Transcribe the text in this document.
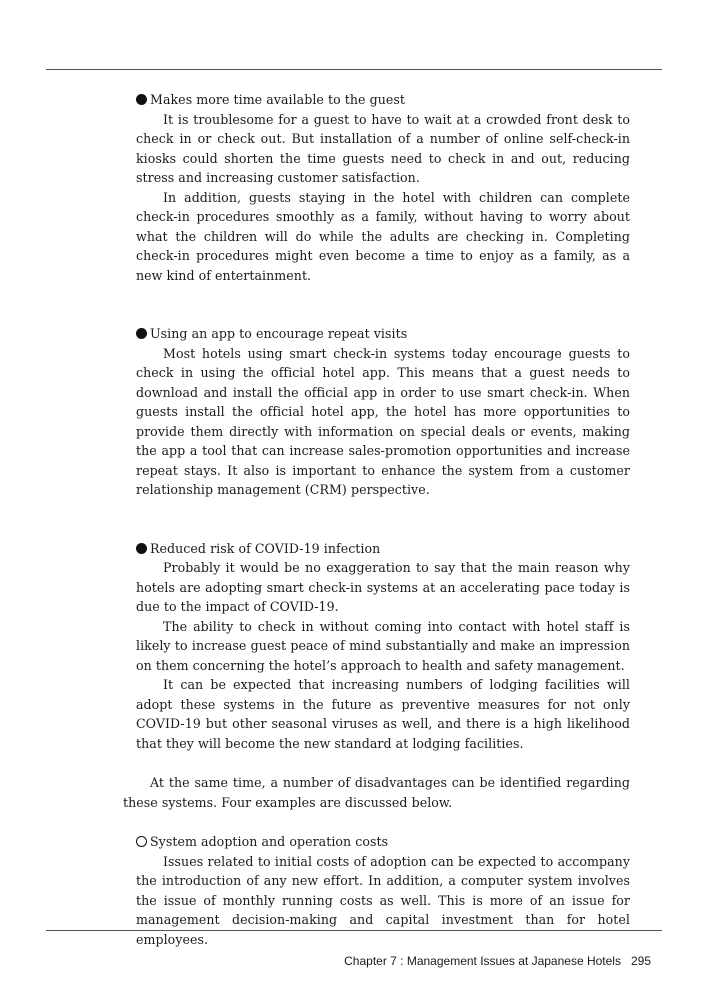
Makes more time available to the guest

It is troublesome for a guest to have to wait at a crowded front desk to check in or check out. But installation of a number of online self-check-in kiosks could shorten the time guests need to check in and out, reducing stress and increasing customer satisfaction.

In addition, guests staying in the hotel with children can complete check-in procedures smoothly as a family, without having to worry about what the children will do while the adults are checking in. Completing check-in procedures might even become a time to enjoy as a family, as a new kind of entertainment.

Using an app to encourage repeat visits

Most hotels using smart check-in systems today encourage guests to check in using the official hotel app. This means that a guest needs to download and install the official app in order to use smart check-in. When guests install the official hotel app, the hotel has more opportunities to provide them directly with information on special deals or events, making the app a tool that can increase sales-promotion opportunities and increase repeat stays. It also is important to enhance the system from a customer relationship management (CRM) perspective.

Reduced risk of COVID-19 infection

Probably it would be no exaggeration to say that the main reason why hotels are adopting smart check-in systems at an accelerating pace today is due to the impact of COVID-19.

The ability to check in without coming into contact with hotel staff is likely to increase guest peace of mind substantially and make an impression on them concerning the hotel’s approach to health and safety management.

It can be expected that increasing numbers of lodging facilities will adopt these systems in the future as preventive measures for not only COVID-19 but other seasonal viruses as well, and there is a high likelihood that they will become the new standard at lodging facilities.

At the same time, a number of disadvantages can be identified regarding these systems. Four examples are discussed below.

System adoption and operation costs

Issues related to initial costs of adoption can be expected to accompany the introduction of any new effort. In addition, a computer system involves the issue of monthly running costs as well. This is more of an issue for management decision-making and capital investment than for hotel employees.

Chapter 7 : Management Issues at Japanese Hotels 295
